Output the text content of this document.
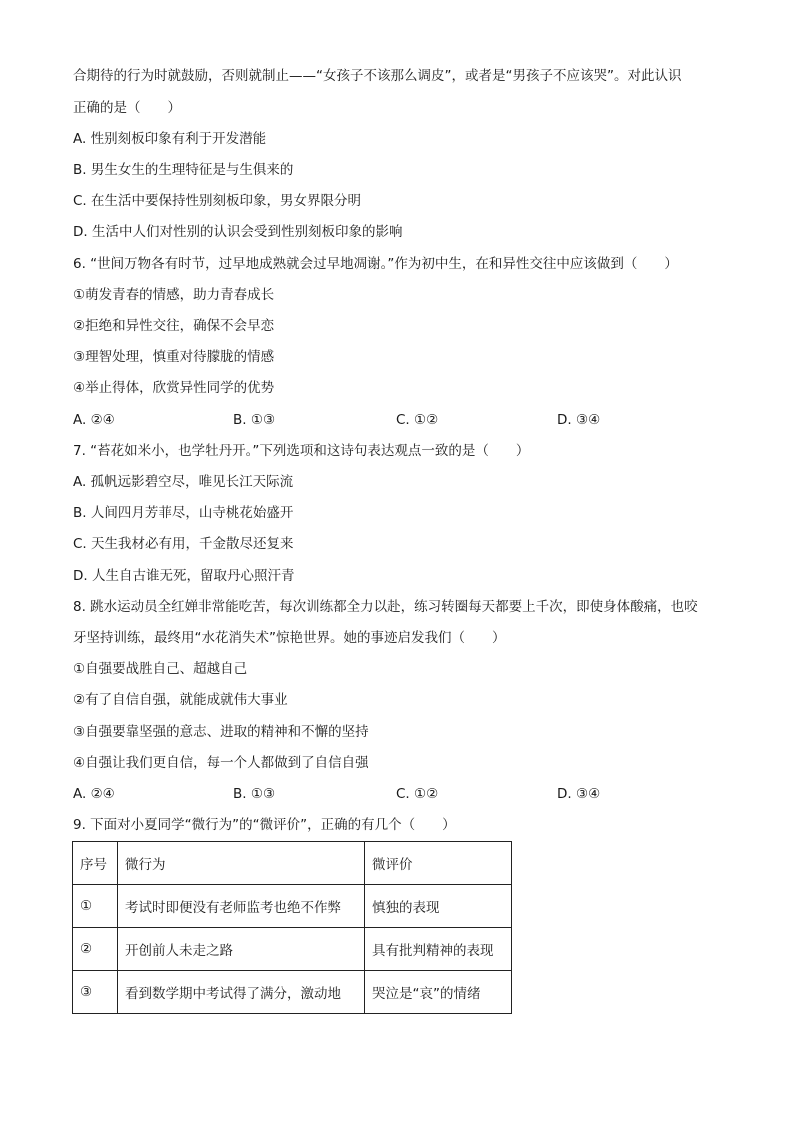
合期待的行为时就鼓励，否则就制止——“女孩子不该那么调皮”，或者是“男孩子不应该哭”。对此认识
正确的是（　　）
A. 性别刻板印象有利于开发潜能
B. 男生女生的生理特征是与生俱来的
C. 在生活中要保持性别刻板印象，男女界限分明
D. 生活中人们对性别的认识会受到性别刻板印象的影响
6. “世间万物各有时节，过早地成熟就会过早地凋谢。”作为初中生，在和异性交往中应该做到（　　）
①萌发青春的情感，助力青春成长
②拒绝和异性交往，确保不会早恋
③理智处理，慎重对待朦胧的情感
④举止得体，欣赏异性同学的优势
A. ②④	B. ①③	C. ①②	D. ③④
7. “苔花如米小，也学牡丹开。”下列选项和这诗句表达观点一致的是（　　）
A. 孤帆远影碧空尽，唯见长江天际流
B. 人间四月芳菲尽，山寺桃花始盛开
C. 天生我材必有用，千金散尽还复来
D. 人生自古谁无死，留取丹心照汗青
8. 跳水运动员全红婵非常能吃苦，每次训练都全力以赴，练习转圈每天都要上千次，即使身体酸痛，也咬
牙坚持训练，最终用“水花消失术”惊艳世界。她的事迹启发我们（　　）
①自强要战胜自己、超越自己
②有了自信自强，就能成就伟大事业
③自强要靠坚强的意志、进取的精神和不懈的坚持
④自强让我们更自信，每一个人都做到了自信自强
A. ②④	B. ①③	C. ①②	D. ③④
9. 下面对小夏同学“微行为”的“微评价”，正确的有几个（　　）
序号	微行为	微评价
①	考试时即便没有老师监考也绝不作弊	慎独的表现
②	开创前人未走之路	具有批判精神的表现
③	看到数学期中考试得了满分，激动地	哭泣是“哀”的情绪
